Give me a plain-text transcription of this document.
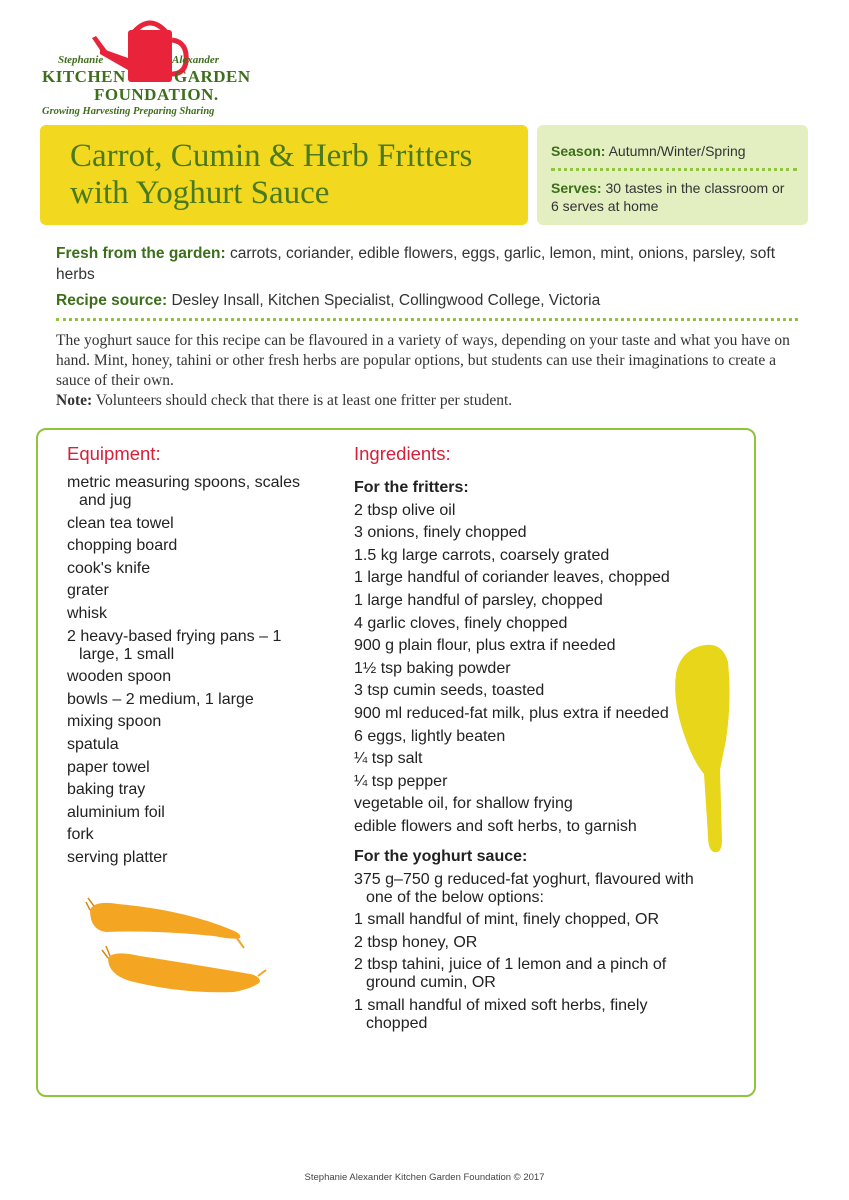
Stephanie	Alexander
KITCHEN	GARDEN
FOUNDATION.
Growing Harvesting Preparing Sharing
Carrot, Cumin & Herb Fritters with Yoghurt Sauce
Season: Autumn/Winter/Spring
Serves: 30 tastes in the classroom or 6 serves at home
Fresh from the garden: carrots, coriander, edible flowers, eggs, garlic, lemon, mint, onions, parsley, soft herbs
Recipe source: Desley Insall, Kitchen Specialist, Collingwood College, Victoria
The yoghurt sauce for this recipe can be flavoured in a variety of ways, depending on your taste and what you have on hand. Mint, honey, tahini or other fresh herbs are popular options, but students can use their imaginations to create a sauce of their own.
Note: Volunteers should check that there is at least one fritter per student.
Equipment:
metric measuring spoons, scales and jug
clean tea towel
chopping board
cook's knife
grater
whisk
2 heavy-based frying pans – 1 large, 1 small
wooden spoon
bowls – 2 medium, 1 large
mixing spoon
spatula
paper towel
baking tray
aluminium foil
fork
serving platter
Ingredients:
For the fritters:
2 tbsp olive oil
3 onions, finely chopped
1.5 kg large carrots, coarsely grated
1 large handful of coriander leaves, chopped
1 large handful of parsley, chopped
4 garlic cloves, finely chopped
900 g plain flour, plus extra if needed
1½ tsp baking powder
3 tsp cumin seeds, toasted
900 ml reduced-fat milk, plus extra if needed
6 eggs, lightly beaten
¼ tsp salt
¼ tsp pepper
vegetable oil, for shallow frying
edible flowers and soft herbs, to garnish
For the yoghurt sauce:
375 g–750 g reduced-fat yoghurt, flavoured with one of the below options:
1 small handful of mint, finely chopped, OR
2 tbsp honey, OR
2 tbsp tahini, juice of 1 lemon and a pinch of ground cumin, OR
1 small handful of mixed soft herbs, finely chopped
Stephanie Alexander Kitchen Garden Foundation © 2017
